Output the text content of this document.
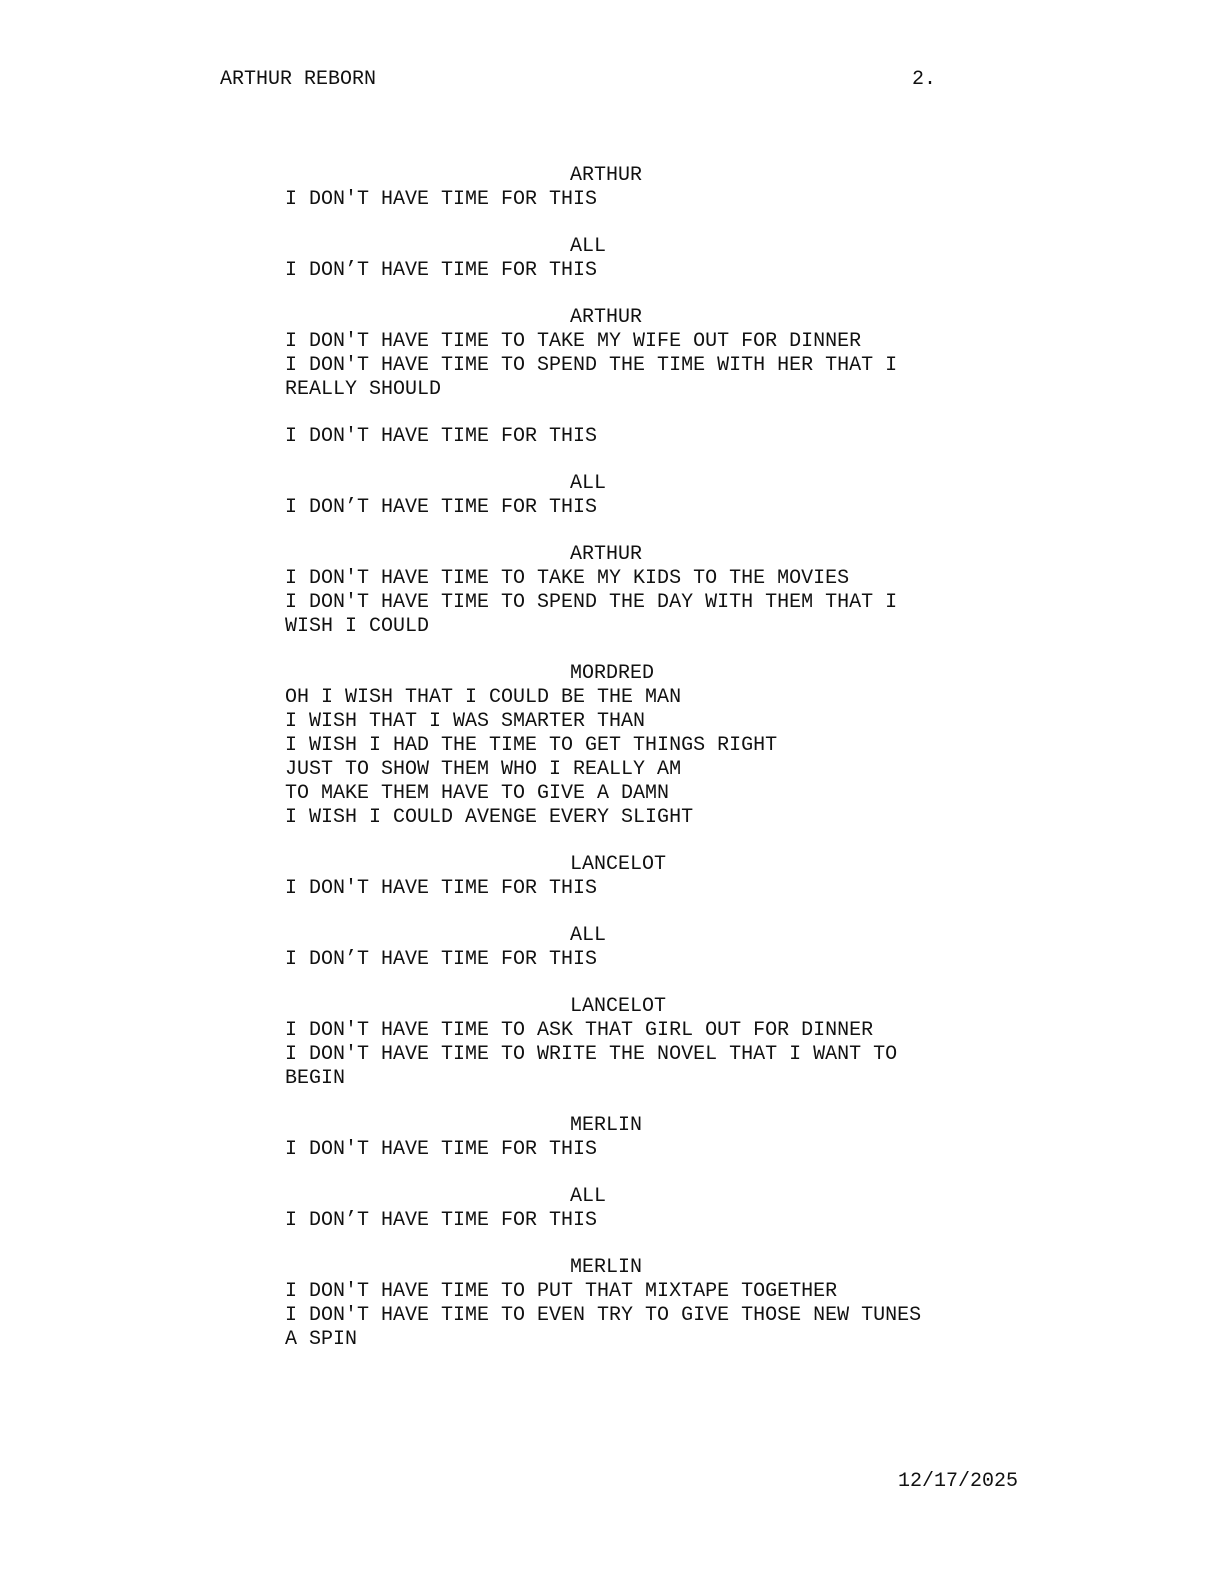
ARTHUR REBORN	2.
ARTHUR
I DON'T HAVE TIME FOR THIS
ALL
I DON’T HAVE TIME FOR THIS
ARTHUR
I DON'T HAVE TIME TO TAKE MY WIFE OUT FOR DINNER
I DON'T HAVE TIME TO SPEND THE TIME WITH HER THAT I
REALLY SHOULD
I DON'T HAVE TIME FOR THIS
ALL
I DON’T HAVE TIME FOR THIS
ARTHUR
I DON'T HAVE TIME TO TAKE MY KIDS TO THE MOVIES
I DON'T HAVE TIME TO SPEND THE DAY WITH THEM THAT I
WISH I COULD
MORDRED
OH I WISH THAT I COULD BE THE MAN
I WISH THAT I WAS SMARTER THAN
I WISH I HAD THE TIME TO GET THINGS RIGHT
JUST TO SHOW THEM WHO I REALLY AM
TO MAKE THEM HAVE TO GIVE A DAMN
I WISH I COULD AVENGE EVERY SLIGHT
LANCELOT
I DON'T HAVE TIME FOR THIS
ALL
I DON’T HAVE TIME FOR THIS
LANCELOT
I DON'T HAVE TIME TO ASK THAT GIRL OUT FOR DINNER
I DON'T HAVE TIME TO WRITE THE NOVEL THAT I WANT TO
BEGIN
MERLIN
I DON'T HAVE TIME FOR THIS
ALL
I DON’T HAVE TIME FOR THIS
MERLIN
I DON'T HAVE TIME TO PUT THAT MIXTAPE TOGETHER
I DON'T HAVE TIME TO EVEN TRY TO GIVE THOSE NEW TUNES
A SPIN
12/17/2025
